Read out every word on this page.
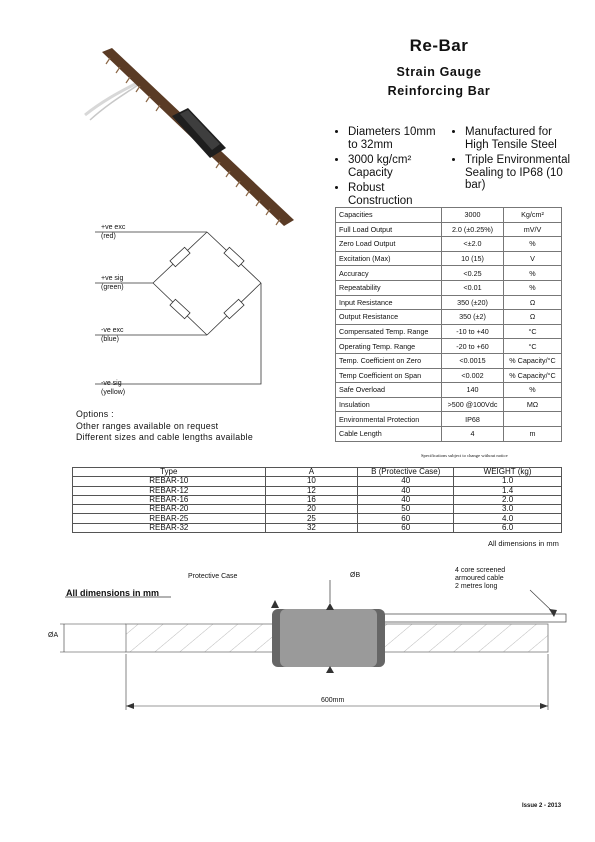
Re-Bar
Strain Gauge
Reinforcing Bar
• Diameters 10mm to 32mm
• 3000 kg/cm² Capacity
• Robust Construction
• Manufactured for High Tensile Steel
• Triple Environmental Sealing to IP68 (10 bar)
+ve exc
(red)
+ve sig
(green)
-ve exc
(blue)
-ve sig
(yellow)
Options :
Other ranges available on request
Different sizes and cable lengths available
Capacities	3000	Kg/cm²
Full Load Output	2.0 (±0.25%)	mV/V
Zero Load Output	<±2.0	%
Excitation (Max)	10 (15)	V
Accuracy	<0.25	%
Repeatability	<0.01	%
Input Resistance	350 (±20)	Ω
Output Resistance	350 (±2)	Ω
Compensated Temp. Range	-10 to +40	°C
Operating Temp. Range	-20 to +60	°C
Temp. Coefficient on Zero	<0.0015	% Capacity/°C
Temp Coefficient on Span	<0.002	% Capacity/°C
Safe Overload	140	%
Insulation	>500 @100Vdc	MΩ
Environmental Protection	IP68	
Cable Length	4	m
Specifications subject to change without notice
Type	A	B (Protective Case)	WEIGHT (kg)
REBAR-10	10	40	1.0
REBAR-12	12	40	1.4
REBAR-16	16	40	2.0
REBAR-20	20	50	3.0
REBAR-25	25	60	4.0
REBAR-32	32	60	6.0
All dimensions in mm
All dimensions in mm
Protective Case	ØB
ØA
4 core screened
armoured cable
2 metres long
600mm
Issue 2 - 2013
